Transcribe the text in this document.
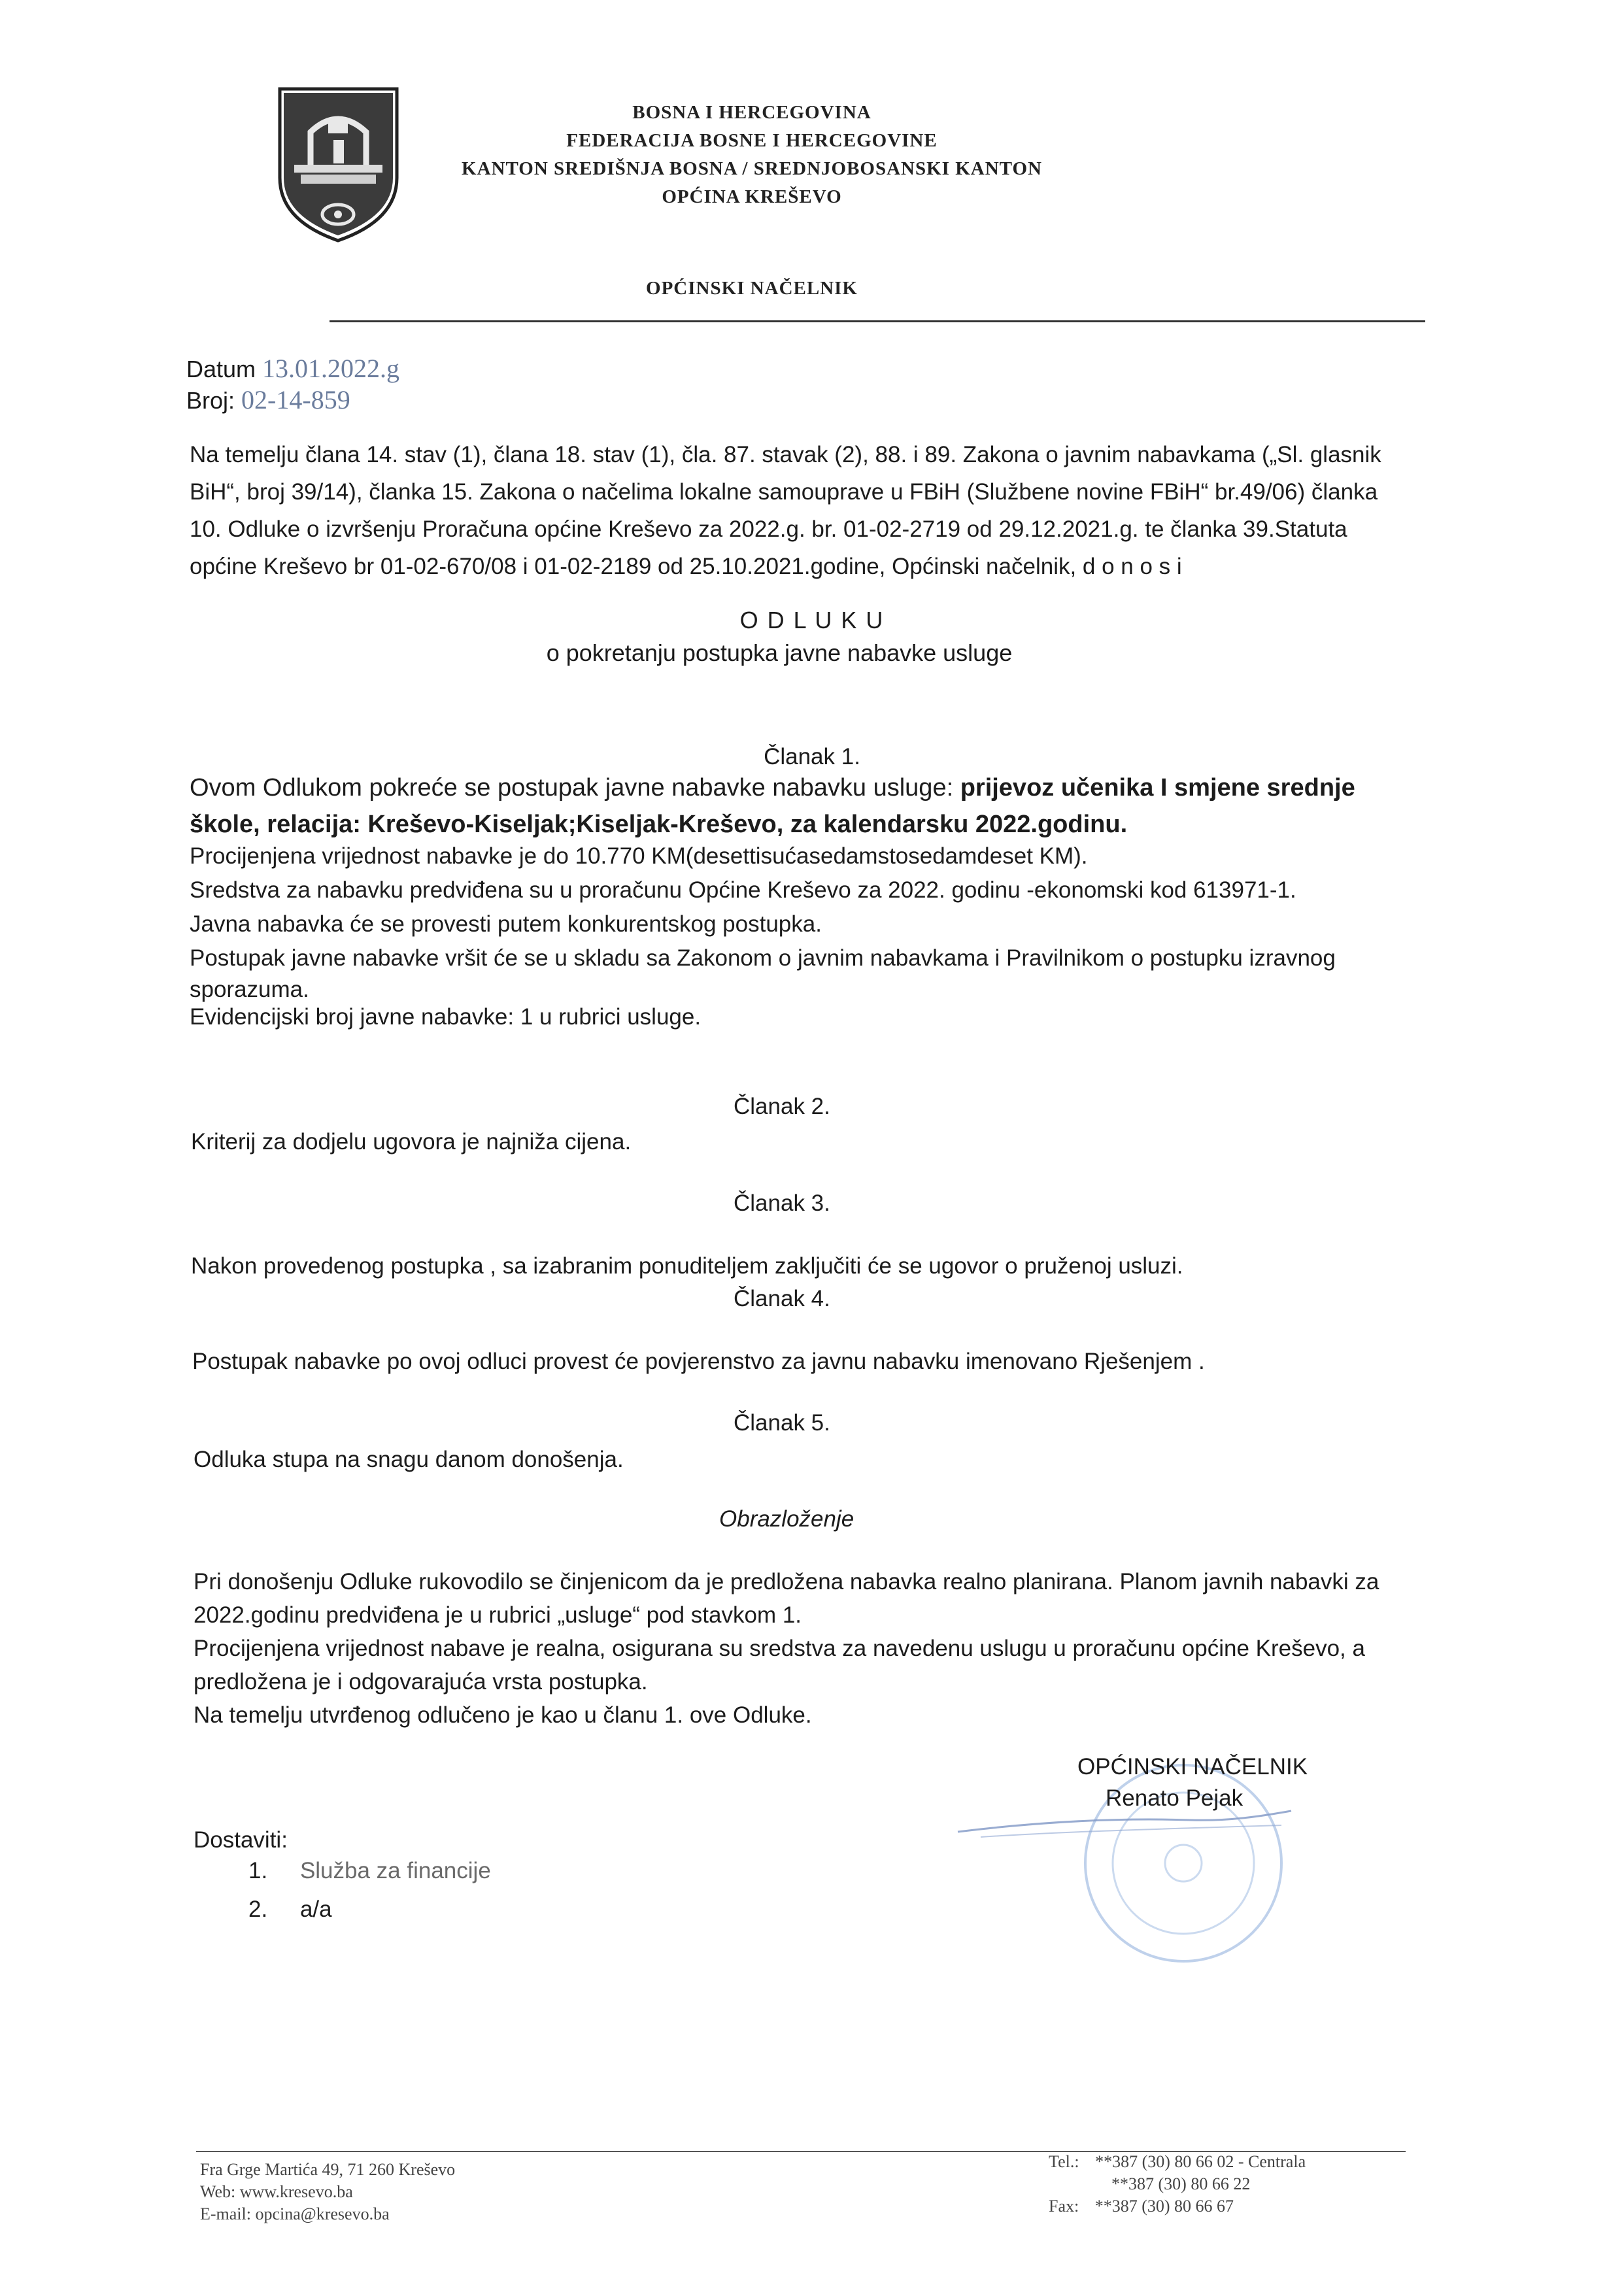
BOSNA I HERCEGOVINA
FEDERACIJA BOSNE I HERCEGOVINE
KANTON SREDIŠNJA BOSNA / SREDNJOBOSANSKI KANTON
OPĆINA KREŠEVO
OPĆINSKI NAČELNIK
Datum 13.01.2022.g
Broj: 02-14-859
Na temelju člana 14. stav (1), člana 18. stav (1), čla. 87. stavak (2), 88. i 89. Zakona o javnim nabavkama („Sl. glasnik
BiH“, broj 39/14), članka 15. Zakona o načelima lokalne samouprave u FBiH (Službene novine FBiH“ br.49/06) članka
10. Odluke o izvršenju Proračuna općine Kreševo za 2022.g. br. 01-02-2719 od 29.12.2021.g. te članka 39.Statuta
općine Kreševo br 01-02-670/08 i 01-02-2189 od 25.10.2021.godine, Općinski načelnik, d o n o s i
O D L U K U
o pokretanju postupka javne nabavke usluge
Članak 1.
Ovom Odlukom pokreće se postupak javne nabavke nabavku usluge: prijevoz učenika I smjene srednje
škole, relacija: Kreševo-Kiseljak;Kiseljak-Kreševo, za kalendarsku 2022.godinu.
Procijenjena vrijednost nabavke je do 10.770 KM(desettisućasedamstosedamdeset KM).
Sredstva za nabavku predviđena su u proračunu Općine Kreševo za 2022. godinu -ekonomski kod 613971-1.
Javna nabavka će se provesti putem konkurentskog postupka.
Postupak javne nabavke vršit će se u skladu sa Zakonom o javnim nabavkama i Pravilnikom o postupku izravnog
sporazuma.
Evidencijski broj javne nabavke: 1 u rubrici usluge.
Članak 2.
Kriterij za dodjelu ugovora je najniža cijena.
Članak 3.
Nakon provedenog postupka , sa izabranim ponuditeljem zaključiti će se ugovor o pruženoj usluzi.
Članak 4.
Postupak nabavke po ovoj odluci provest će povjerenstvo za javnu nabavku imenovano Rješenjem .
Članak 5.
Odluka stupa na snagu danom donošenja.
Obrazloženje
Pri donošenju Odluke rukovodilo se činjenicom da je predložena nabavka realno planirana. Planom javnih nabavki za
2022.godinu predviđena je u rubrici „usluge“ pod stavkom 1.
Procijenjena vrijednost nabave je realna, osigurana su sredstva za navedenu uslugu u proračunu općine Kreševo, a
predložena je i odgovarajuća vrsta postupka.
Na temelju utvrđenog odlučeno je kao u članu 1. ove Odluke.
OPĆINSKI NAČELNIK
Renato Pejak
Dostaviti:
1. Služba za financije
2. a/a
Fra Grge Martića 49, 71 260 Kreševo
Web: www.kresevo.ba
E-mail: opcina@kresevo.ba
Tel.: **387 (30) 80 66 02 - Centrala
**387 (30) 80 66 22
Fax: **387 (30) 80 66 67
